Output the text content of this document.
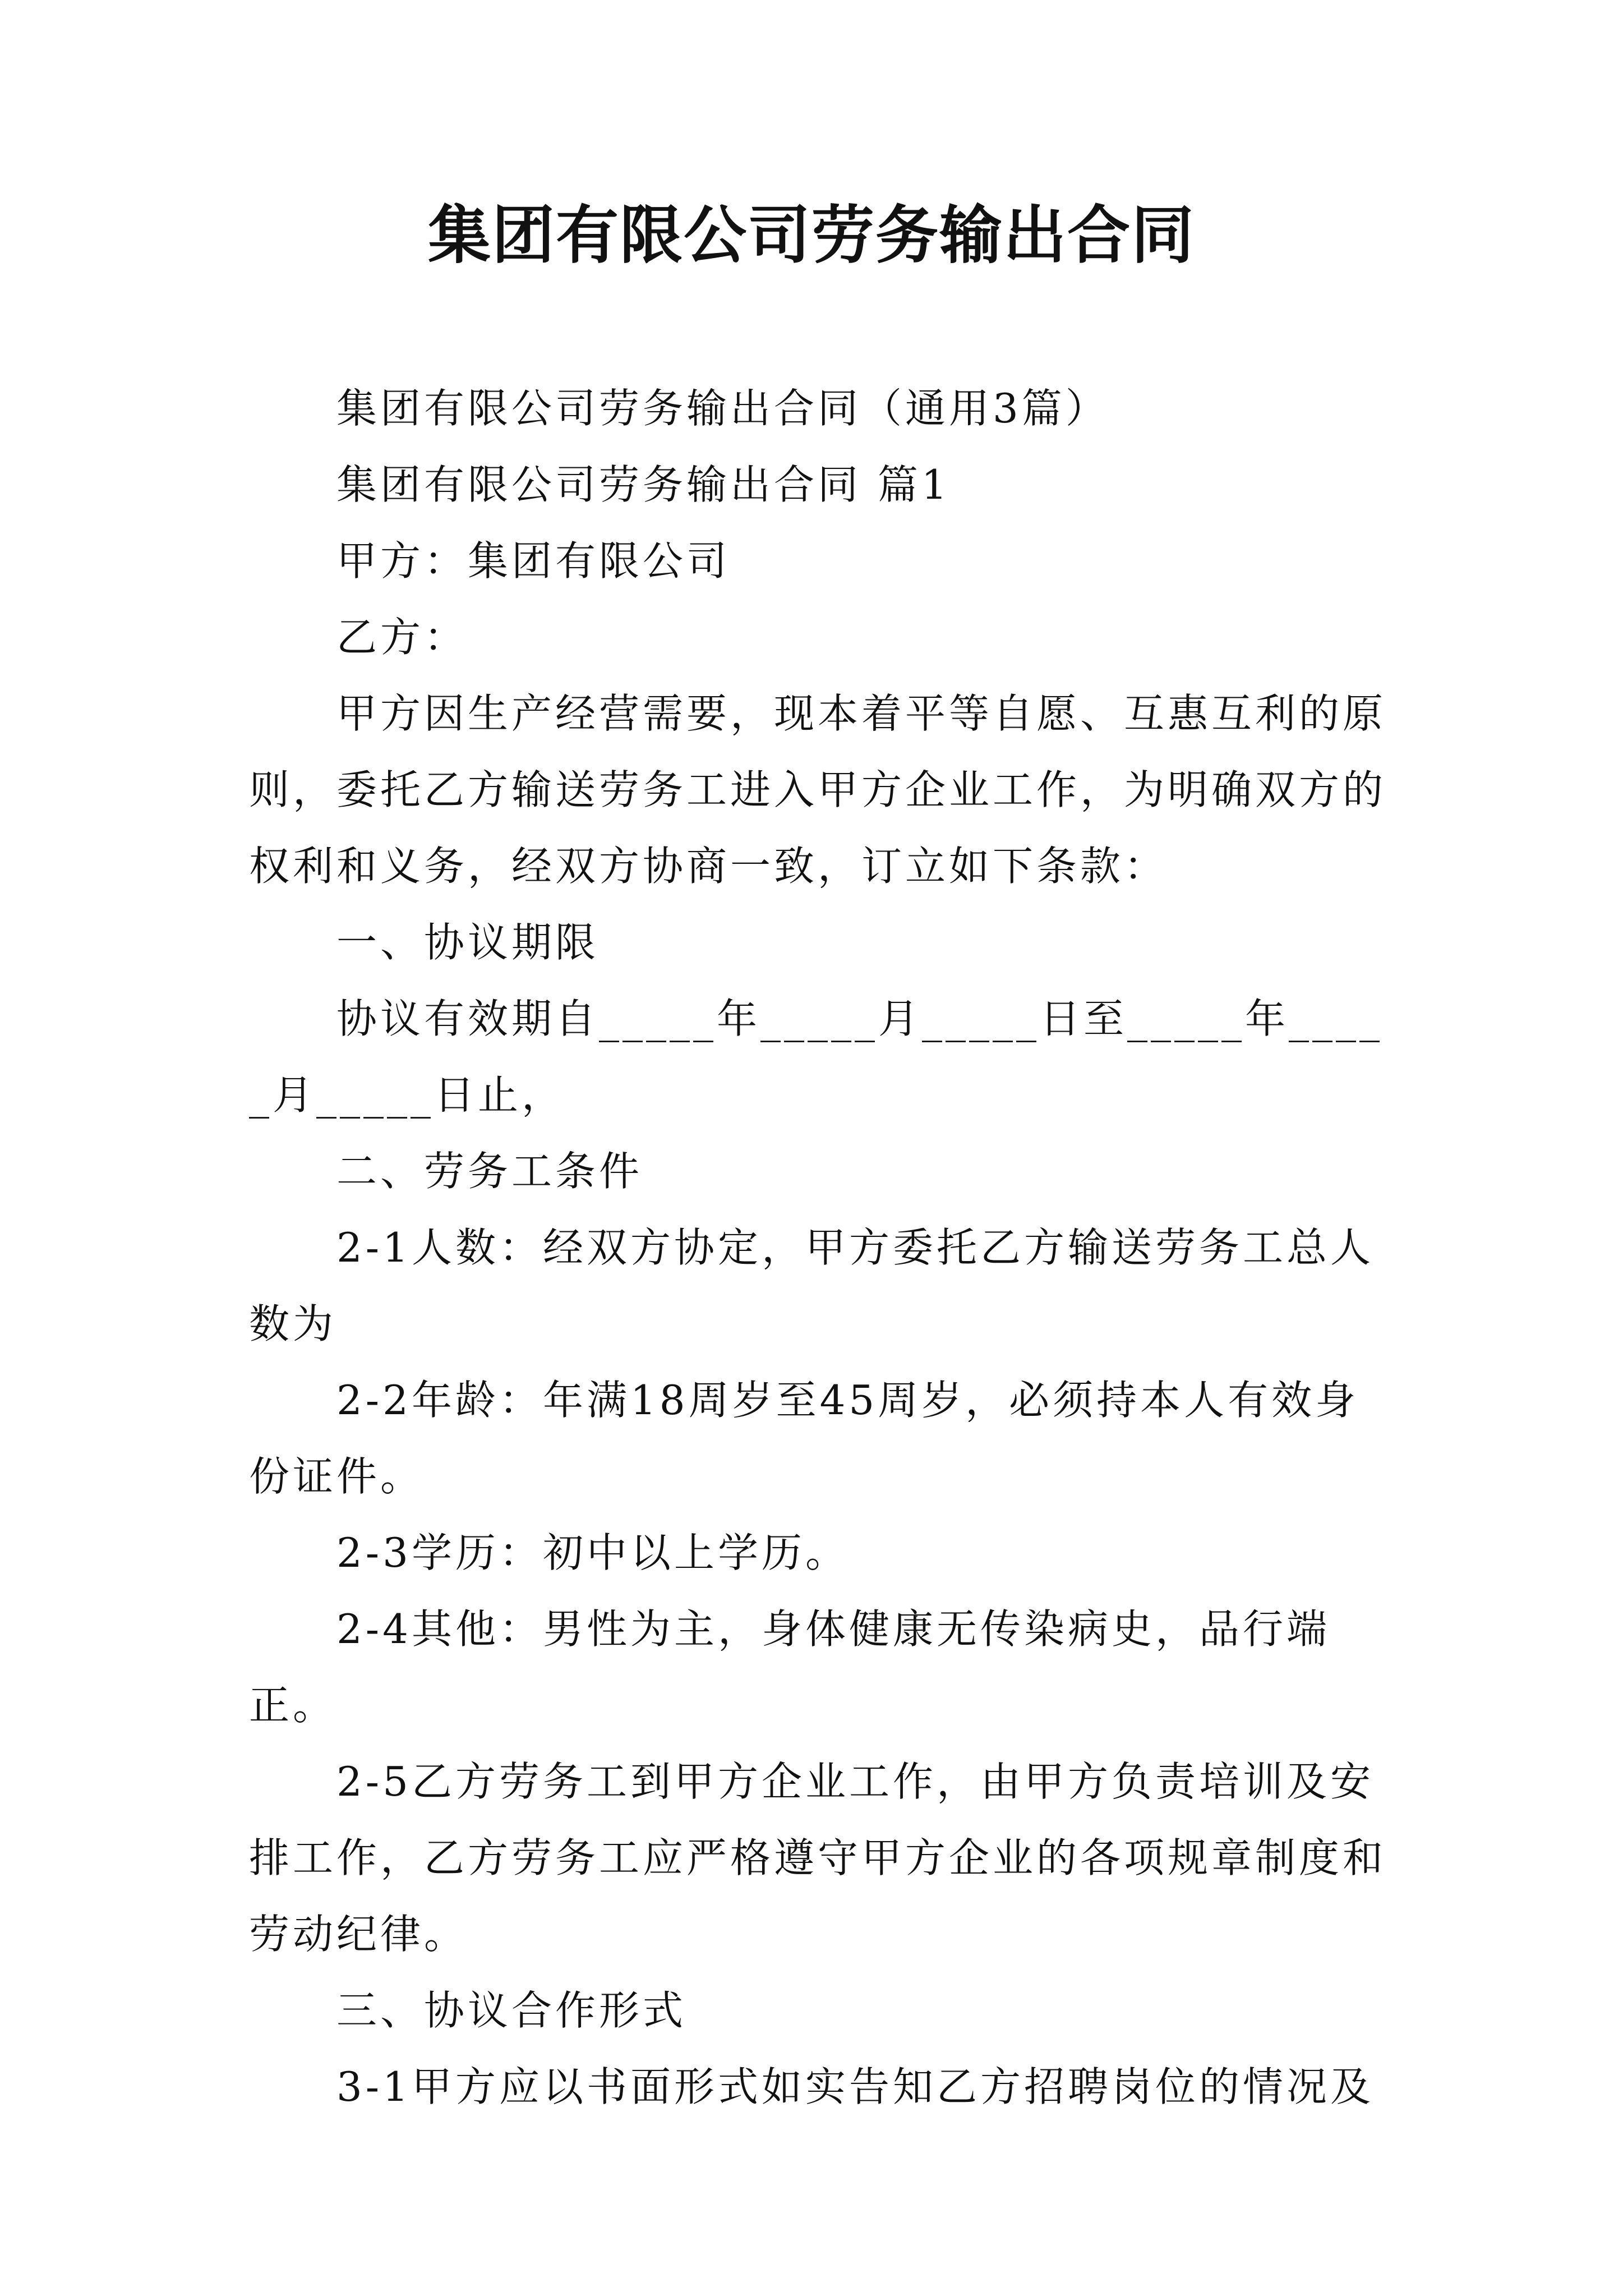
集团有限公司劳务输出合同

集团有限公司劳务输出合同（通用3篇）

集团有限公司劳务输出合同 篇1

甲方：集团有限公司

乙方：

甲方因生产经营需要，现本着平等自愿、互惠互利的原则，委托乙方输送劳务工进入甲方企业工作，为明确双方的权利和义务，经双方协商一致，订立如下条款：

一、协议期限

协议有效期自_____年_____月_____日至_____年_____月_____日止，

二、劳务工条件

2-1人数：经双方协定，甲方委托乙方输送劳务工总人数为

2-2年龄：年满18周岁至45周岁，必须持本人有效身份证件。

2-3学历：初中以上学历。

2-4其他：男性为主，身体健康无传染病史，品行端正。

2-5乙方劳务工到甲方企业工作，由甲方负责培训及安排工作，乙方劳务工应严格遵守甲方企业的各项规章制度和劳动纪律。

三、协议合作形式

3-1甲方应以书面形式如实告知乙方招聘岗位的情况及
